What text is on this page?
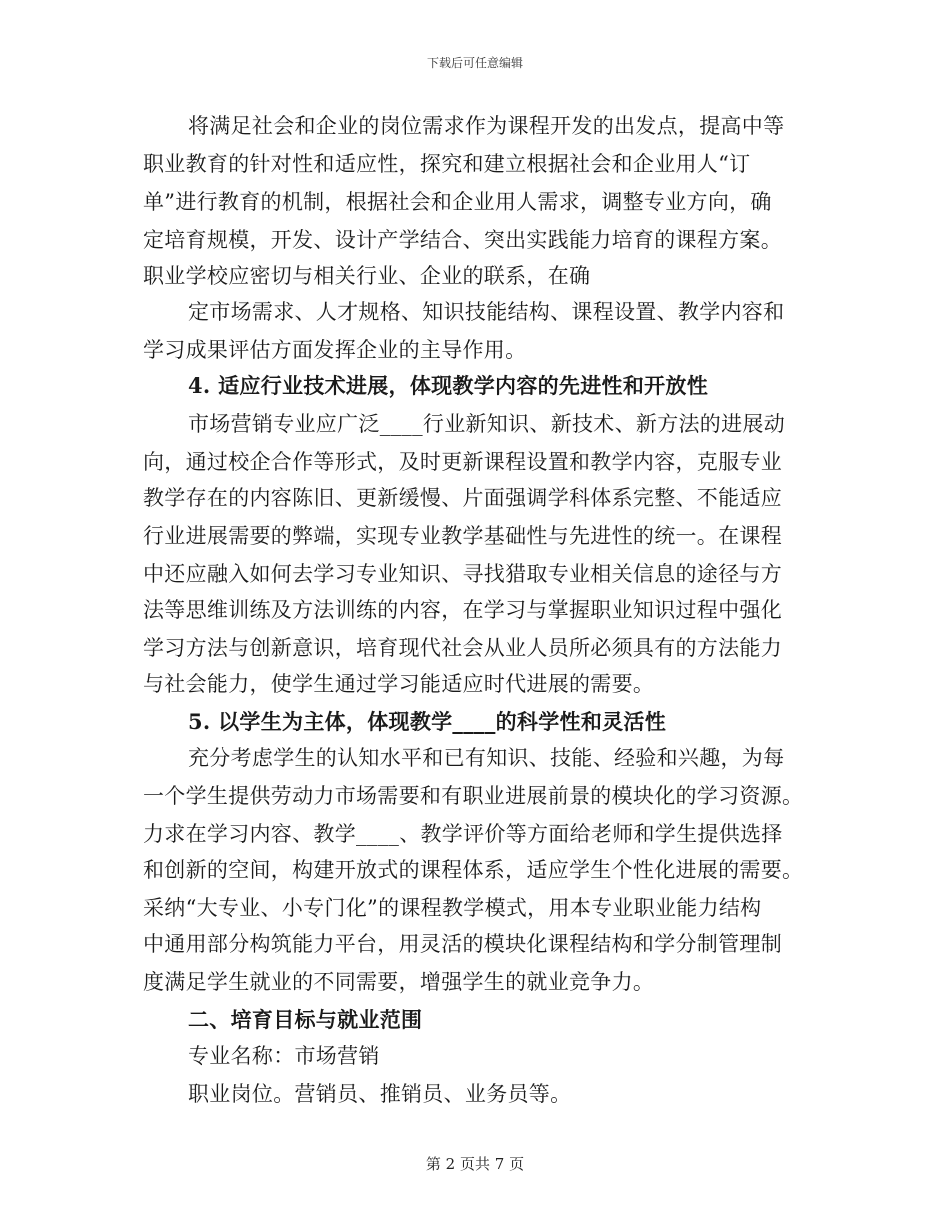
下载后可任意编辑
将满足社会和企业的岗位需求作为课程开发的出发点，提高中等
职业教育的针对性和适应性，探究和建立根据社会和企业用人“订
单”进行教育的机制，根据社会和企业用人需求，调整专业方向，确
定培育规模，开发、设计产学结合、突出实践能力培育的课程方案。
职业学校应密切与相关行业、企业的联系，在确
定市场需求、人才规格、知识技能结构、课程设置、教学内容和
学习成果评估方面发挥企业的主导作用。
4. 适应行业技术进展，体现教学内容的先进性和开放性
市场营销专业应广泛____行业新知识、新技术、新方法的进展动
向，通过校企合作等形式，及时更新课程设置和教学内容，克服专业
教学存在的内容陈旧、更新缓慢、片面强调学科体系完整、不能适应
行业进展需要的弊端，实现专业教学基础性与先进性的统一。在课程
中还应融入如何去学习专业知识、寻找猎取专业相关信息的途径与方
法等思维训练及方法训练的内容，在学习与掌握职业知识过程中强化
学习方法与创新意识，培育现代社会从业人员所必须具有的方法能力
与社会能力，使学生通过学习能适应时代进展的需要。
5. 以学生为主体，体现教学____的科学性和灵活性
充分考虑学生的认知水平和已有知识、技能、经验和兴趣，为每
一个学生提供劳动力市场需要和有职业进展前景的模块化的学习资源。
力求在学习内容、教学____、教学评价等方面给老师和学生提供选择
和创新的空间，构建开放式的课程体系，适应学生个性化进展的需要。
采纳“大专业、小专门化”的课程教学模式，用本专业职业能力结构
中通用部分构筑能力平台，用灵活的模块化课程结构和学分制管理制
度满足学生就业的不同需要，增强学生的就业竞争力。
二、培育目标与就业范围
专业名称：市场营销
职业岗位。营销员、推销员、业务员等。
第 2 页共 7 页
